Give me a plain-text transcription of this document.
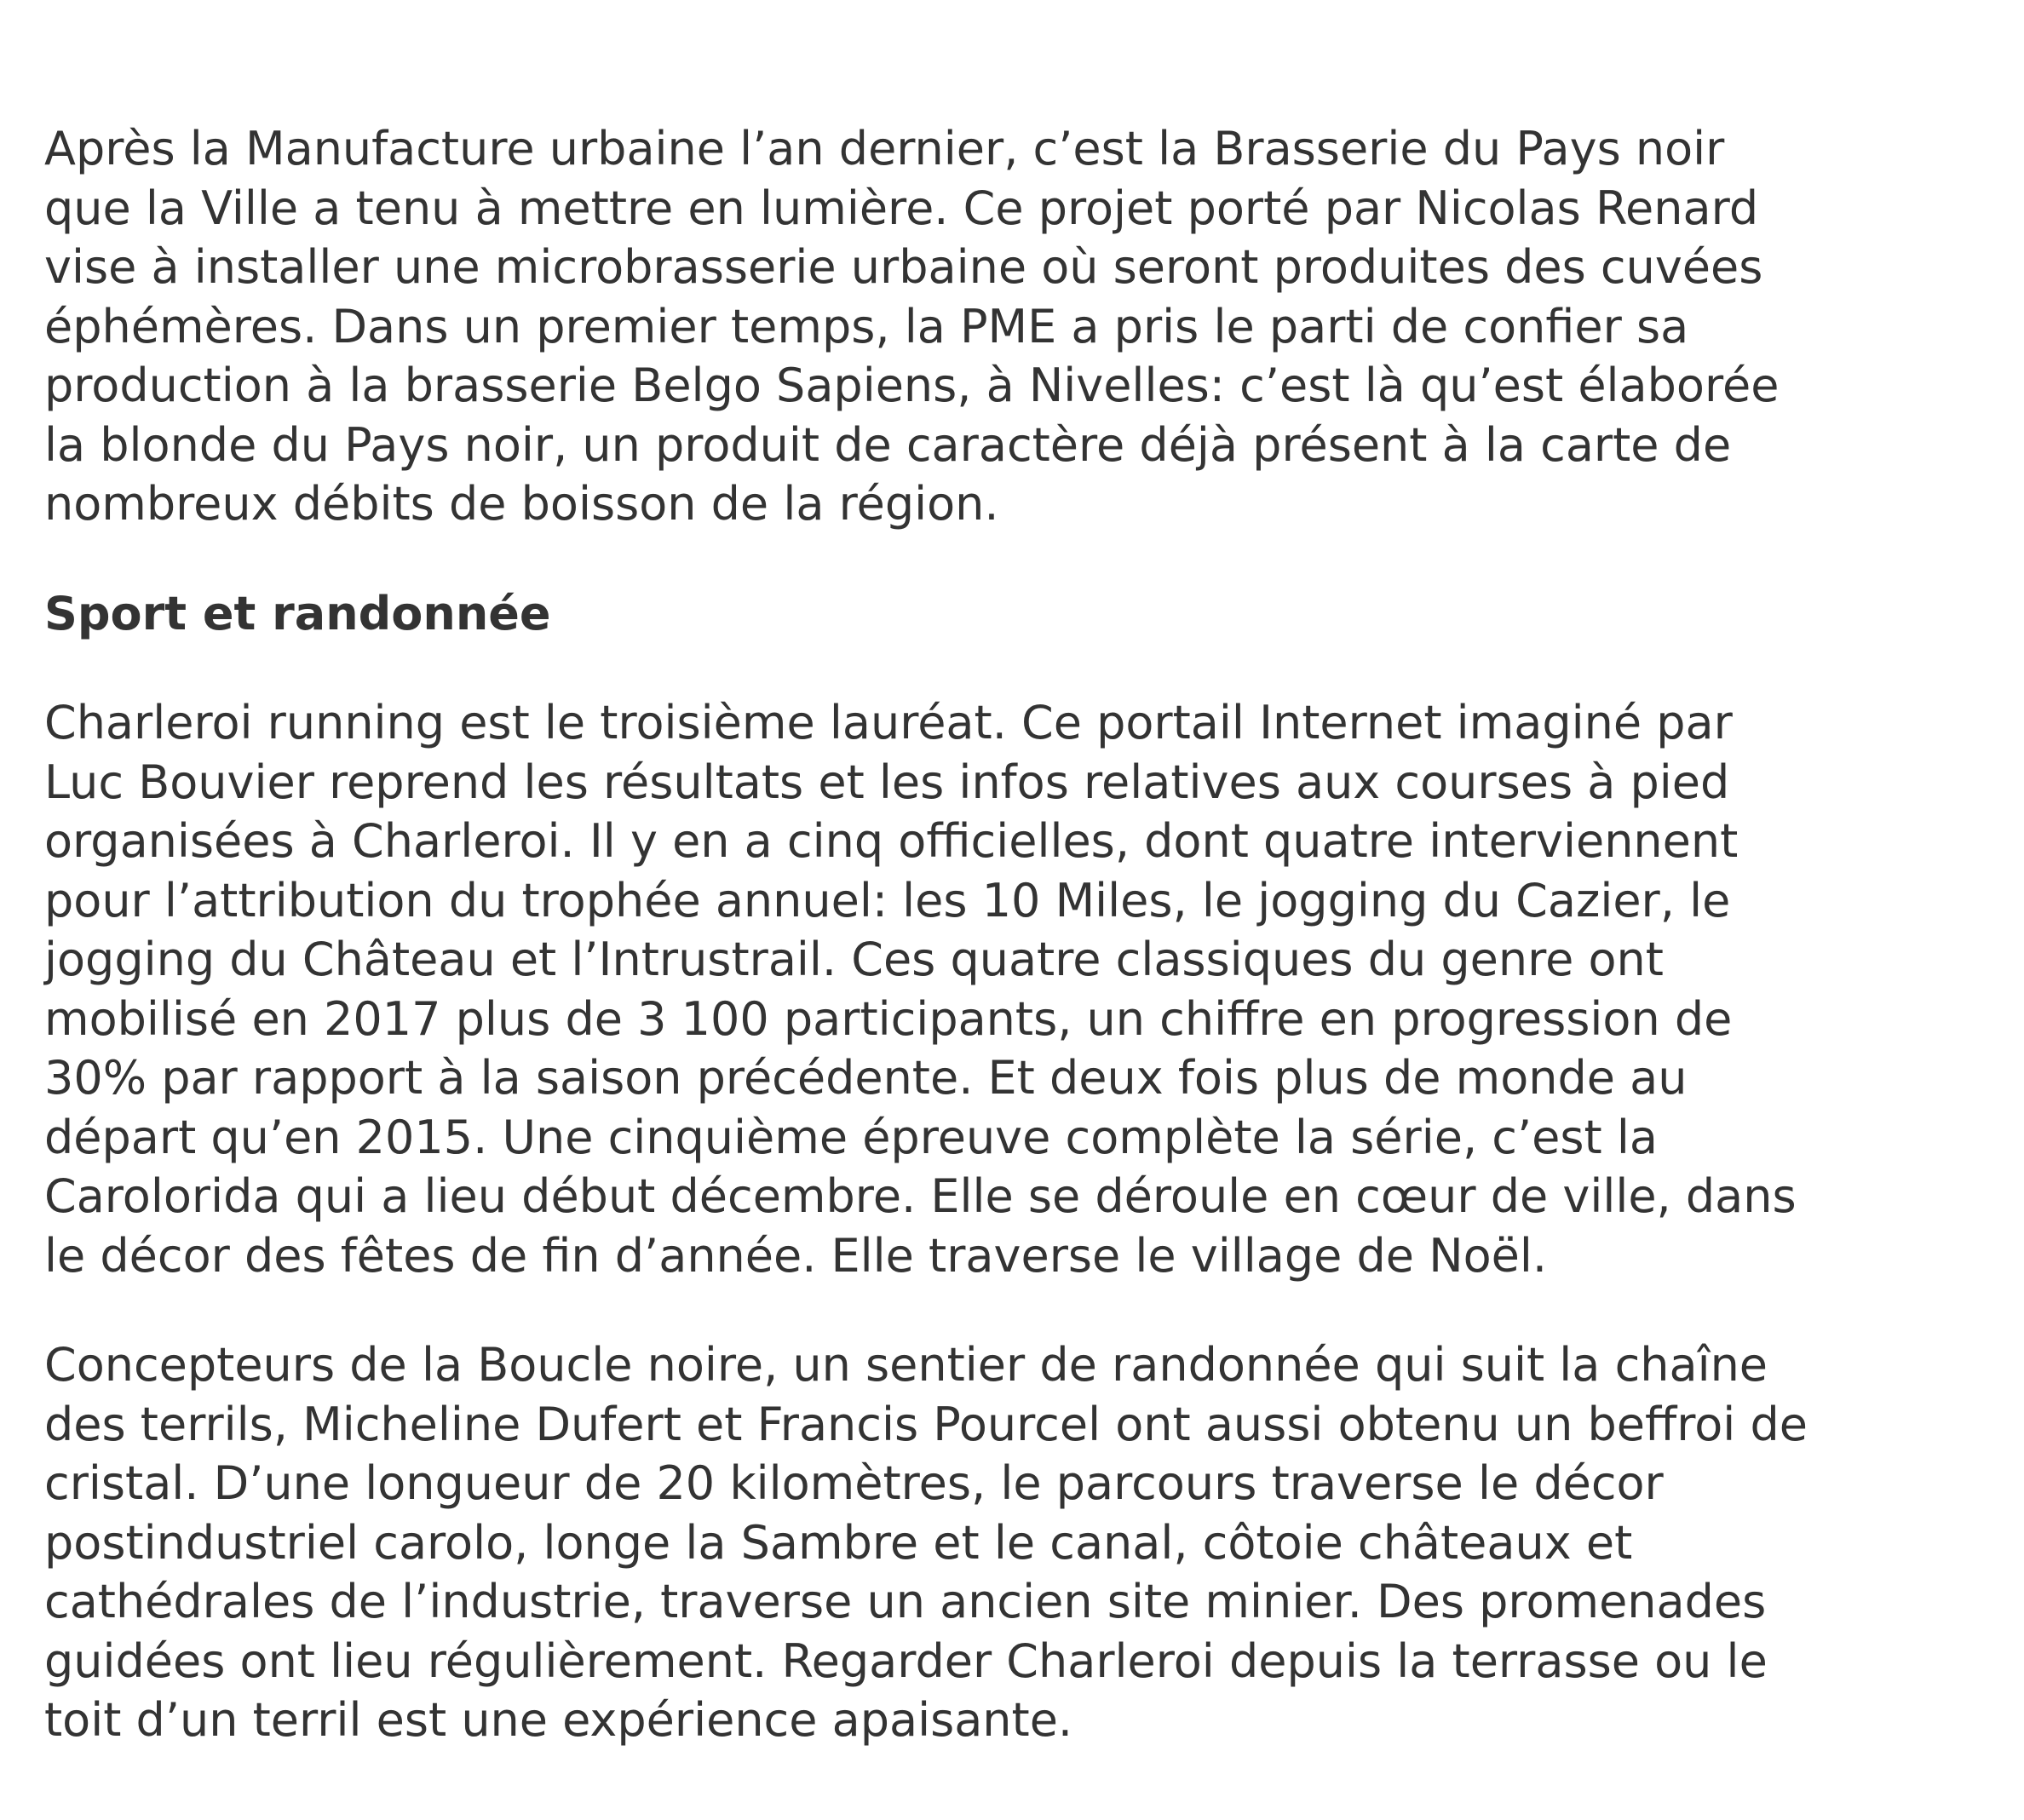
Après la Manufacture urbaine l’an dernier, c’est la Brasserie du Pays noir
que la Ville a tenu à mettre en lumière. Ce projet porté par Nicolas Renard
vise à installer une microbrasserie urbaine où seront produites des cuvées
éphémères. Dans un premier temps, la PME a pris le parti de confier sa
production à la brasserie Belgo Sapiens, à Nivelles: c’est là qu’est élaborée
la blonde du Pays noir, un produit de caractère déjà présent à la carte de
nombreux débits de boisson de la région.

Sport et randonnée

Charleroi running est le troisième lauréat. Ce portail Internet imaginé par
Luc Bouvier reprend les résultats et les infos relatives aux courses à pied
organisées à Charleroi. Il y en a cinq officielles, dont quatre interviennent
pour l’attribution du trophée annuel: les 10 Miles, le jogging du Cazier, le
jogging du Château et l’Intrustrail. Ces quatre classiques du genre ont
mobilisé en 2017 plus de 3 100 participants, un chiffre en progression de
30% par rapport à la saison précédente. Et deux fois plus de monde au
départ qu’en 2015. Une cinquième épreuve complète la série, c’est la
Carolorida qui a lieu début décembre. Elle se déroule en cœur de ville, dans
le décor des fêtes de fin d’année. Elle traverse le village de Noël.

Concepteurs de la Boucle noire, un sentier de randonnée qui suit la chaîne
des terrils, Micheline Dufert et Francis Pourcel ont aussi obtenu un beffroi de
cristal. D’une longueur de 20 kilomètres, le parcours traverse le décor
postindustriel carolo, longe la Sambre et le canal, côtoie châteaux et
cathédrales de l’industrie, traverse un ancien site minier. Des promenades
guidées ont lieu régulièrement. Regarder Charleroi depuis la terrasse ou le
toit d’un terril est une expérience apaisante.
